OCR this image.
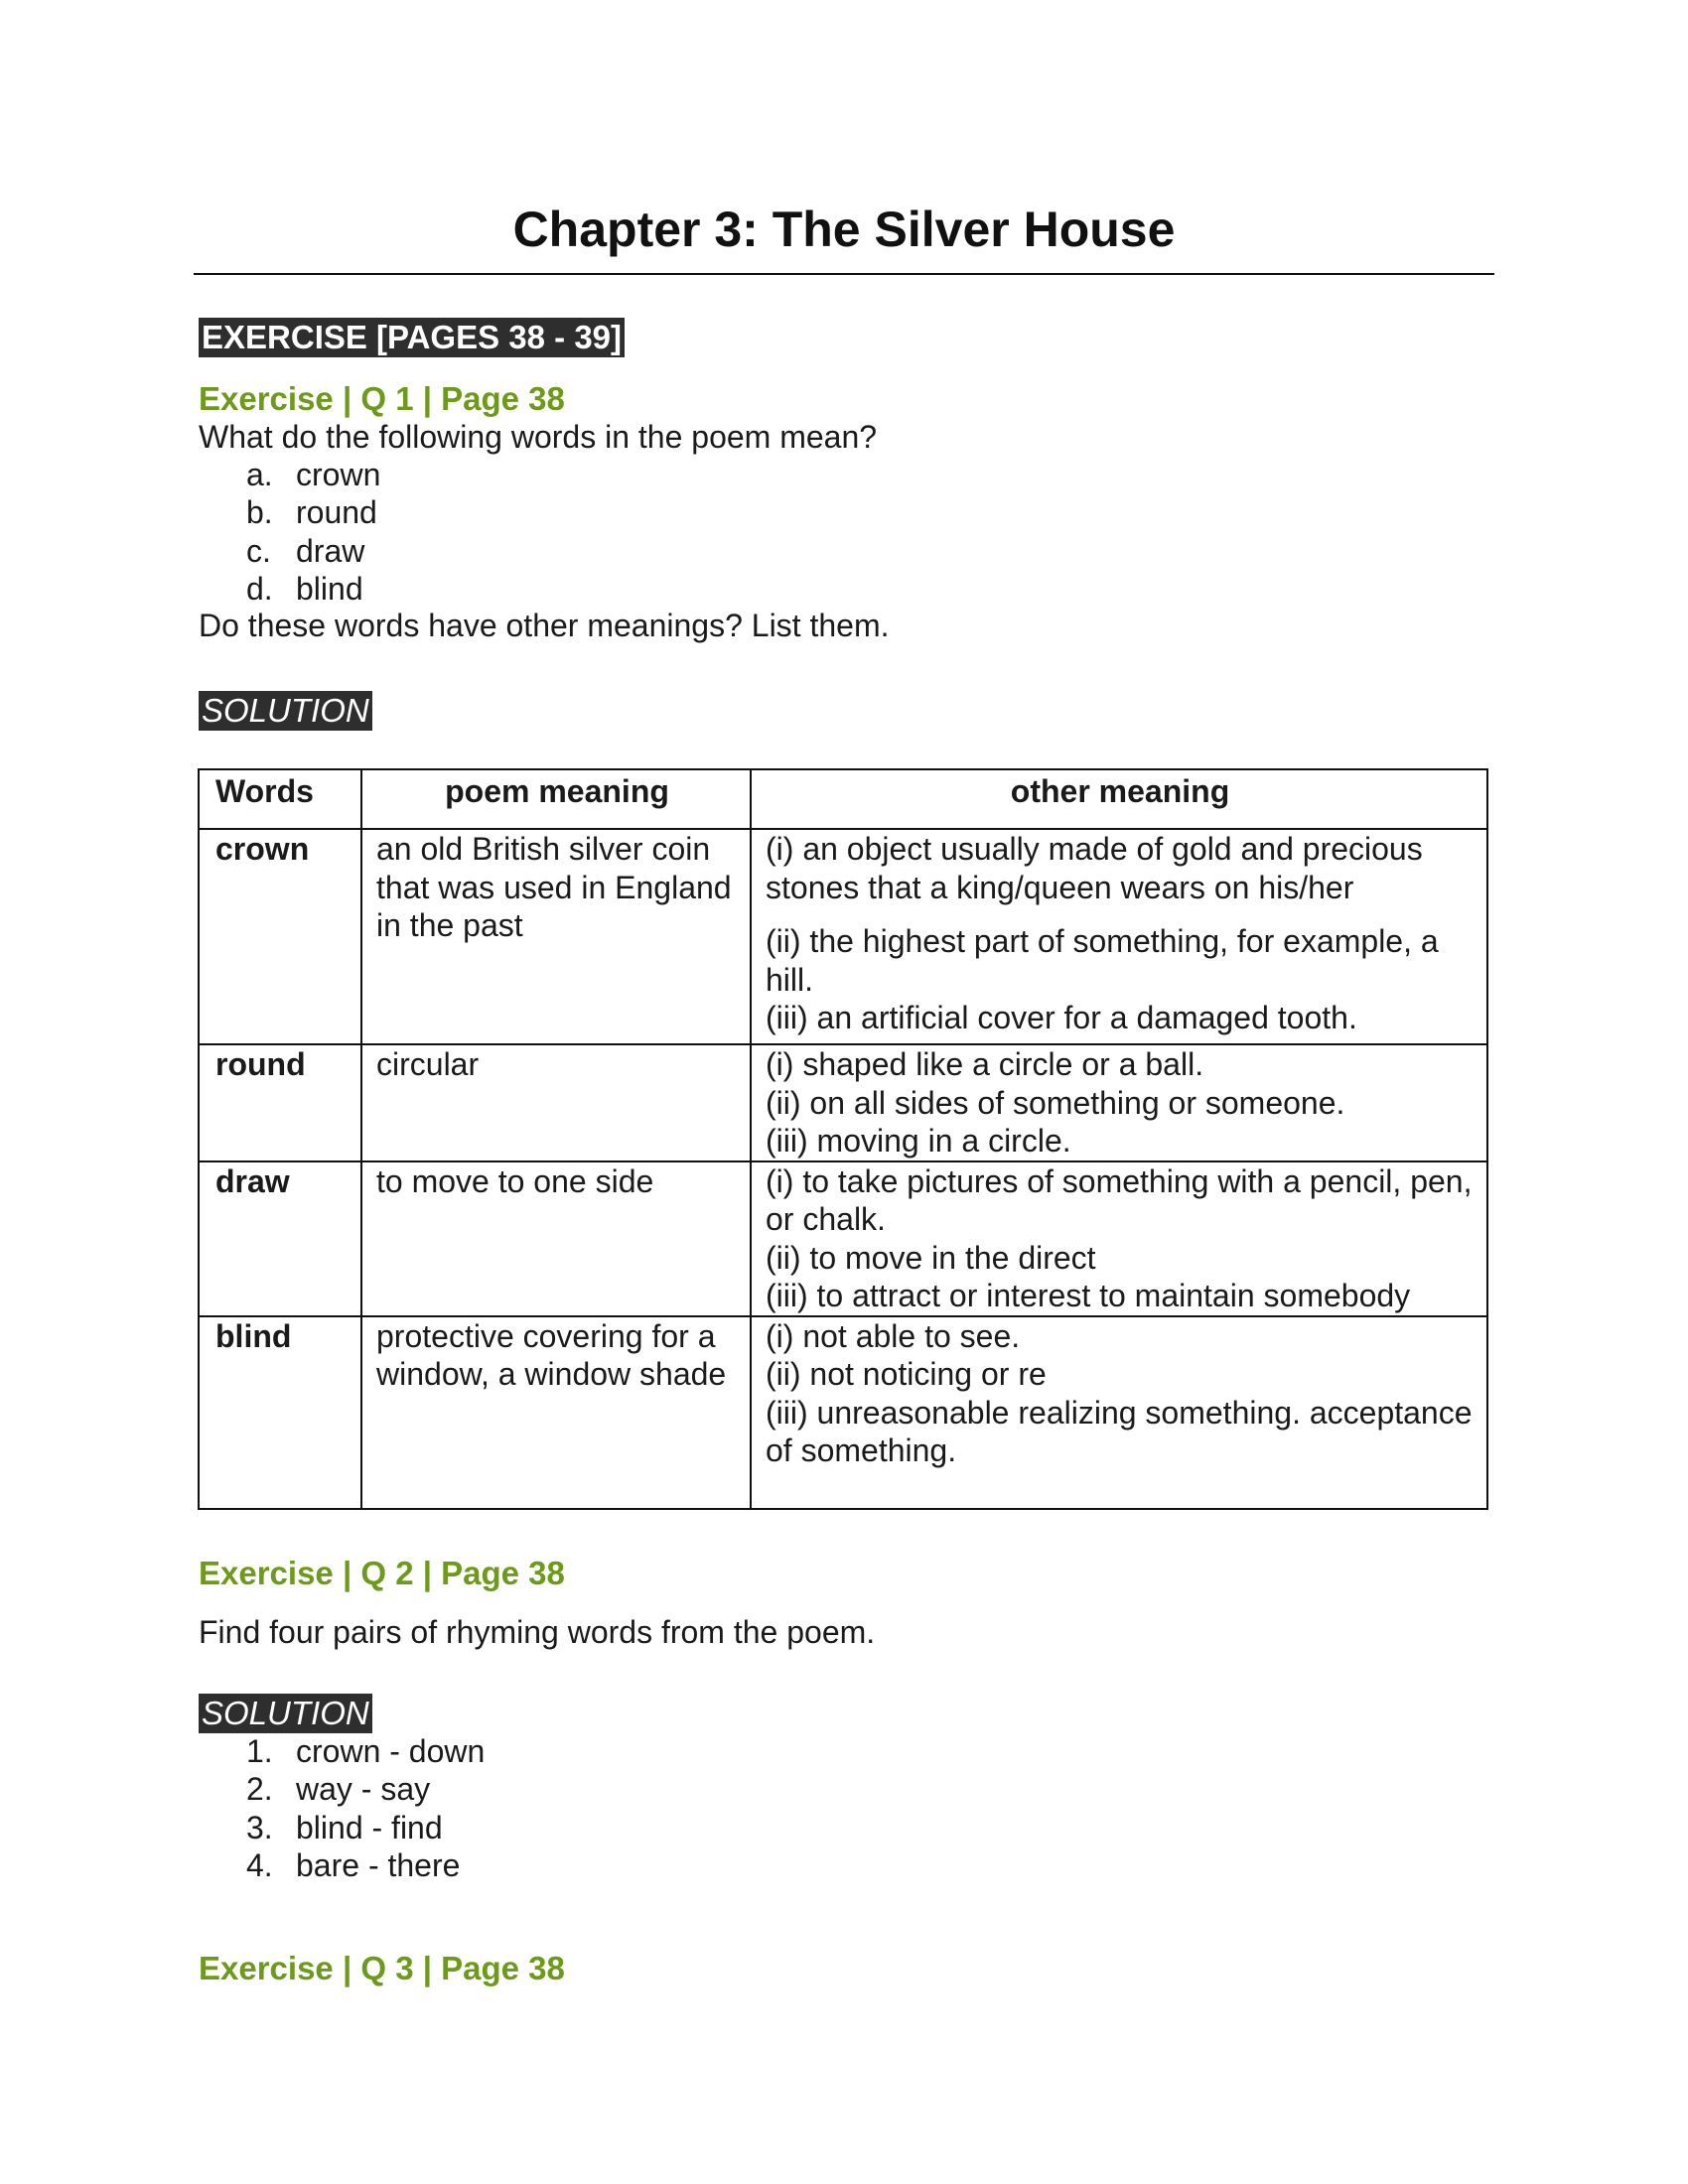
Chapter 3: The Silver House
EXERCISE [PAGES 38 - 39]
Exercise | Q 1 | Page 38

What do the following words in the poem mean?

a. crown
b. round
c. draw
d. blind

Do these words have other meanings? List them.

SOLUTION
Words	poem meaning	other meaning
crown	an old British silver coin that was used in England in the past	(i) an object usually made of gold and precious stones that a king/queen wears on his/her
(ii) the highest part of something, for example, a hill.
(iii) an artificial cover for a damaged tooth.

round	circular	(i) shaped like a circle or a ball.
(ii) on all sides of something or someone.
(iii) moving in a circle.

draw	to move to one side	(i) to take pictures of something with a pencil, pen, or chalk.
(ii) to move in the direct
(iii) to attract or interest to maintain somebody

blind	protective covering for a window, a window shade	(i) not able to see.
(ii) not noticing or re
(iii) unreasonable realizing something. acceptance of something.
Exercise | Q 2 | Page 38

Find four pairs of rhyming words from the poem.

SOLUTION
1. crown - down
2. way - say
3. blind - find
4. bare - there
Exercise | Q 3 | Page 38
